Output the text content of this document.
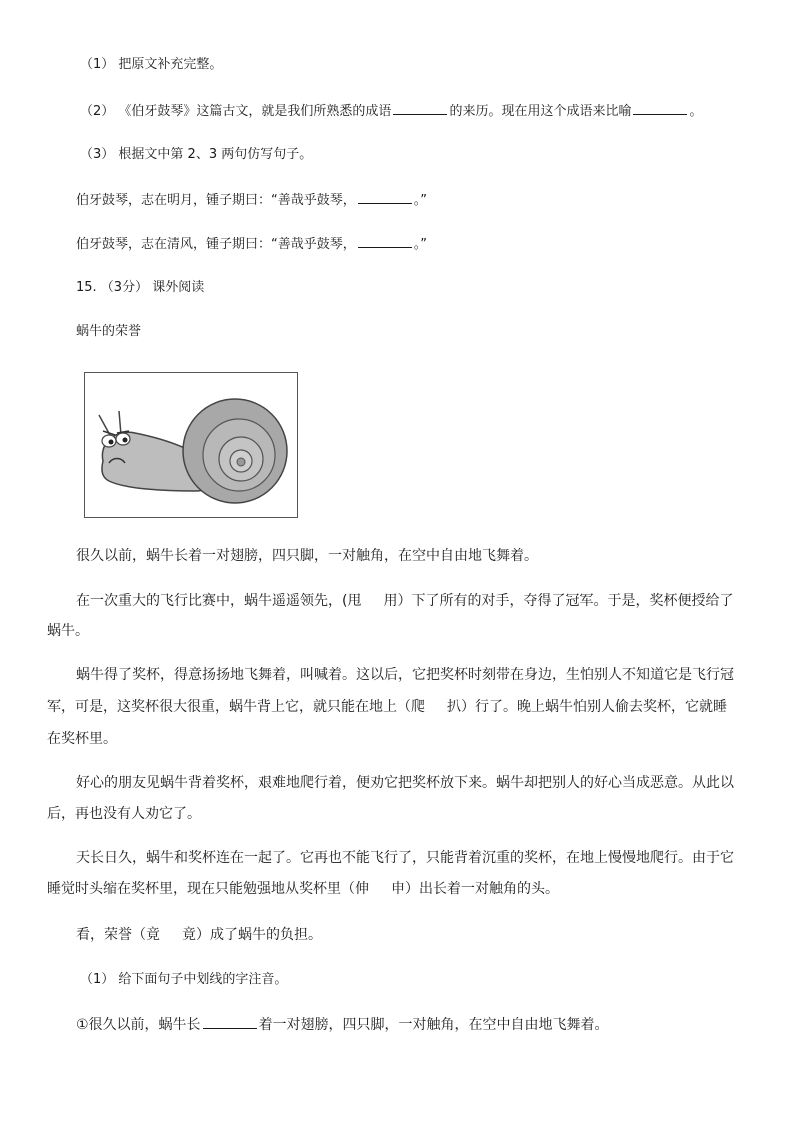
（1） 把原文补充完整。
（2） 《伯牙鼓琴》这篇古文，就是我们所熟悉的成语	的来历。现在用这个成语来比喻	。
（3） 根据文中第 2、3 两句仿写句子。
伯牙鼓琴，志在明月，锺子期曰：“善哉乎鼓琴，	。”
伯牙鼓琴，志在清风，锺子期曰：“善哉乎鼓琴，	。”
15. （3分） 课外阅读
蜗牛的荣誉
很久以前，蜗牛长着一对翅膀，四只脚，一对触角，在空中自由地飞舞着。
在一次重大的飞行比赛中，蜗牛遥遥领先，(甩 用）下了所有的对手，夺得了冠军。于是，奖杯便授给了
蜗牛。
蜗牛得了奖杯，得意扬扬地飞舞着，叫喊着。这以后，它把奖杯时刻带在身边，生怕别人不知道它是飞行冠
军，可是，这奖杯很大很重，蜗牛背上它，就只能在地上（爬 扒）行了。晚上蜗牛怕别人偷去奖杯，它就睡
在奖杯里。
好心的朋友见蜗牛背着奖杯，艰难地爬行着，便劝它把奖杯放下来。蜗牛却把别人的好心当成恶意。从此以
后，再也没有人劝它了。
天长日久，蜗牛和奖杯连在一起了。它再也不能飞行了，只能背着沉重的奖杯，在地上慢慢地爬行。由于它
睡觉时头缩在奖杯里，现在只能勉强地从奖杯里（伸 申）出长着一对触角的头。
看，荣誉（竟 竟）成了蜗牛的负担。
（1） 给下面句子中划线的字注音。
①很久以前，蜗牛长	着一对翅膀，四只脚，一对触角，在空中自由地飞舞着。
